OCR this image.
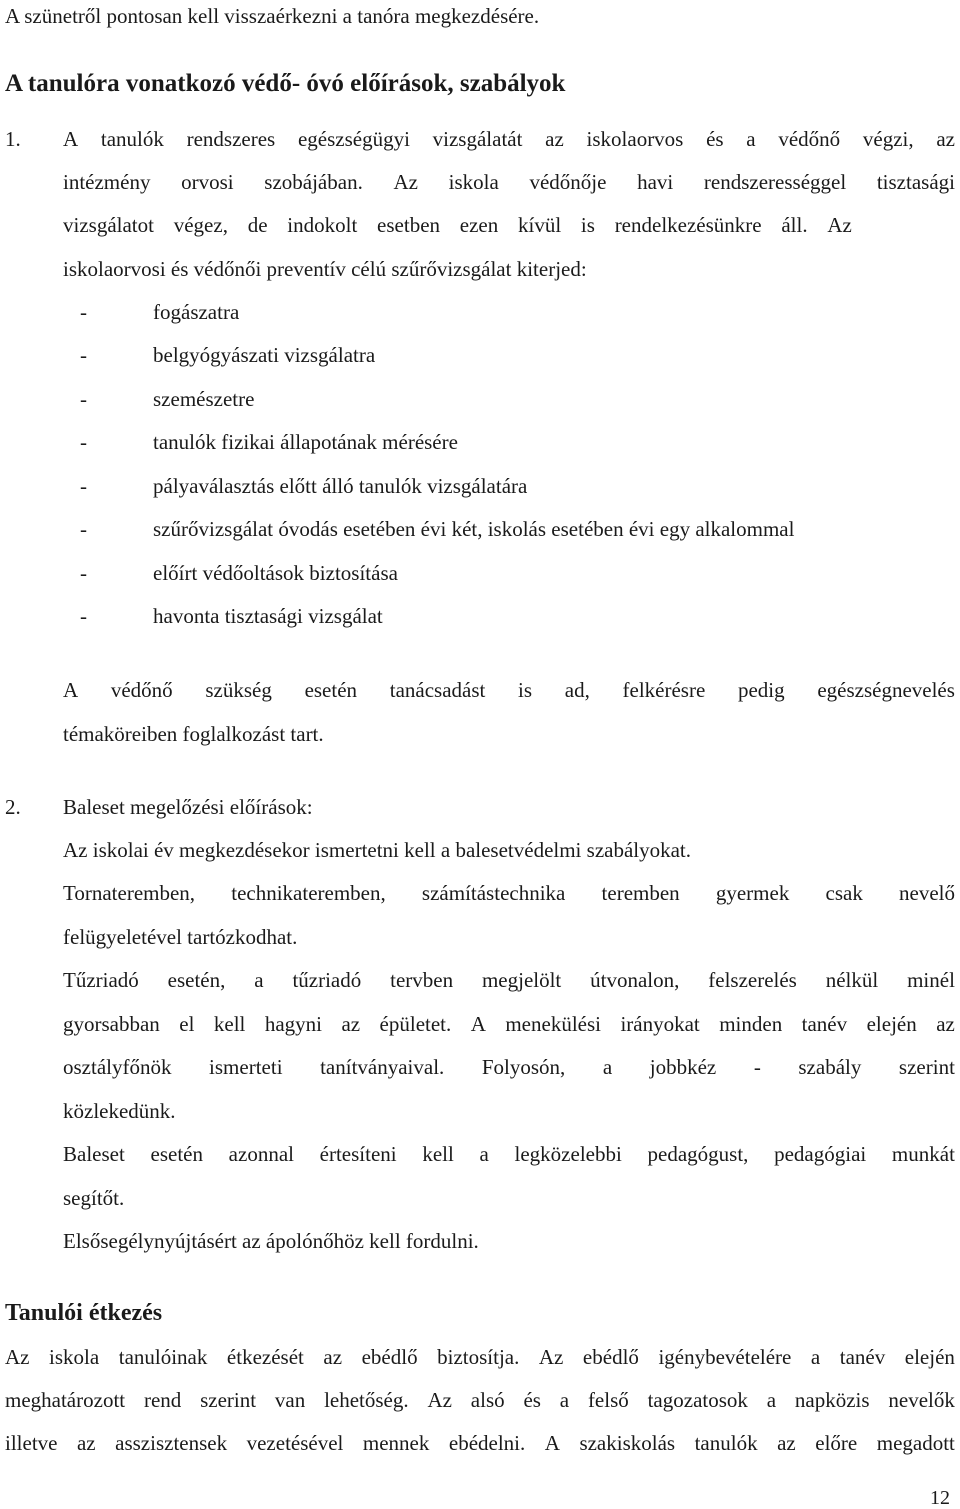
A szünetről pontosan kell visszaérkezni a tanóra megkezdésére.

A tanulóra vonatkozó védő- óvó előírások, szabályok
1. A tanulók rendszeres egészségügyi vizsgálatát az iskolaorvos és a védőnő végzi, az
intézmény orvosi szobájában. Az iskola védőnője havi rendszerességgel tisztasági
vizsgálatot végez, de indokolt esetben ezen kívül is rendelkezésünkre áll. Az

iskolaorvosi és védőnői preventív célú szűrővizsgálat kiterjed:

-	fogászatra
-	belgyógyászati vizsgálatra
-	szemészetre
-	tanulók fizikai állapotának mérésére
-	pályaválasztás előtt álló tanulók vizsgálatára
-	szűrővizsgálat óvodás esetében évi két, iskolás esetében évi egy alkalommal
-	előírt védőoltások biztosítása
-	havonta tisztasági vizsgálat
A védőnő szükség esetén tanácsadást is ad, felkérésre pedig egészségnevelés

témaköreiben foglalkozást tart.

2. Baleset megelőzési előírások:

Az iskolai év megkezdésekor ismertetni kell a balesetvédelmi szabályokat.

Tornateremben, technikateremben, számítástechnika teremben gyermek csak nevelő

felügyeletével tartózkodhat.

Tűzriadó esetén, a tűzriadó tervben megjelölt útvonalon, felszerelés nélkül minél
gyorsabban el kell hagyni az épületet. A menekülési irányokat minden tanév elején az
osztályfőnök ismerteti tanítványaival. Folyosón, a jobbkéz - szabály szerint

közlekedünk.

Baleset esetén azonnal értesíteni kell a legközelebbi pedagógust, pedagógiai munkát

segítőt.

Elsősegélynyújtásért az ápolónőhöz kell fordulni.

Tanulói étkezés
Az iskola tanulóinak étkezését az ebédlő biztosítja. Az ebédlő igénybevételére a tanév elején
meghatározott rend szerint van lehetőség. Az alsó és a felső tagozatosok a napközis nevelők
illetve az asszisztensek vezetésével mennek ebédelni. A szakiskolás tanulók az előre megadott
12
